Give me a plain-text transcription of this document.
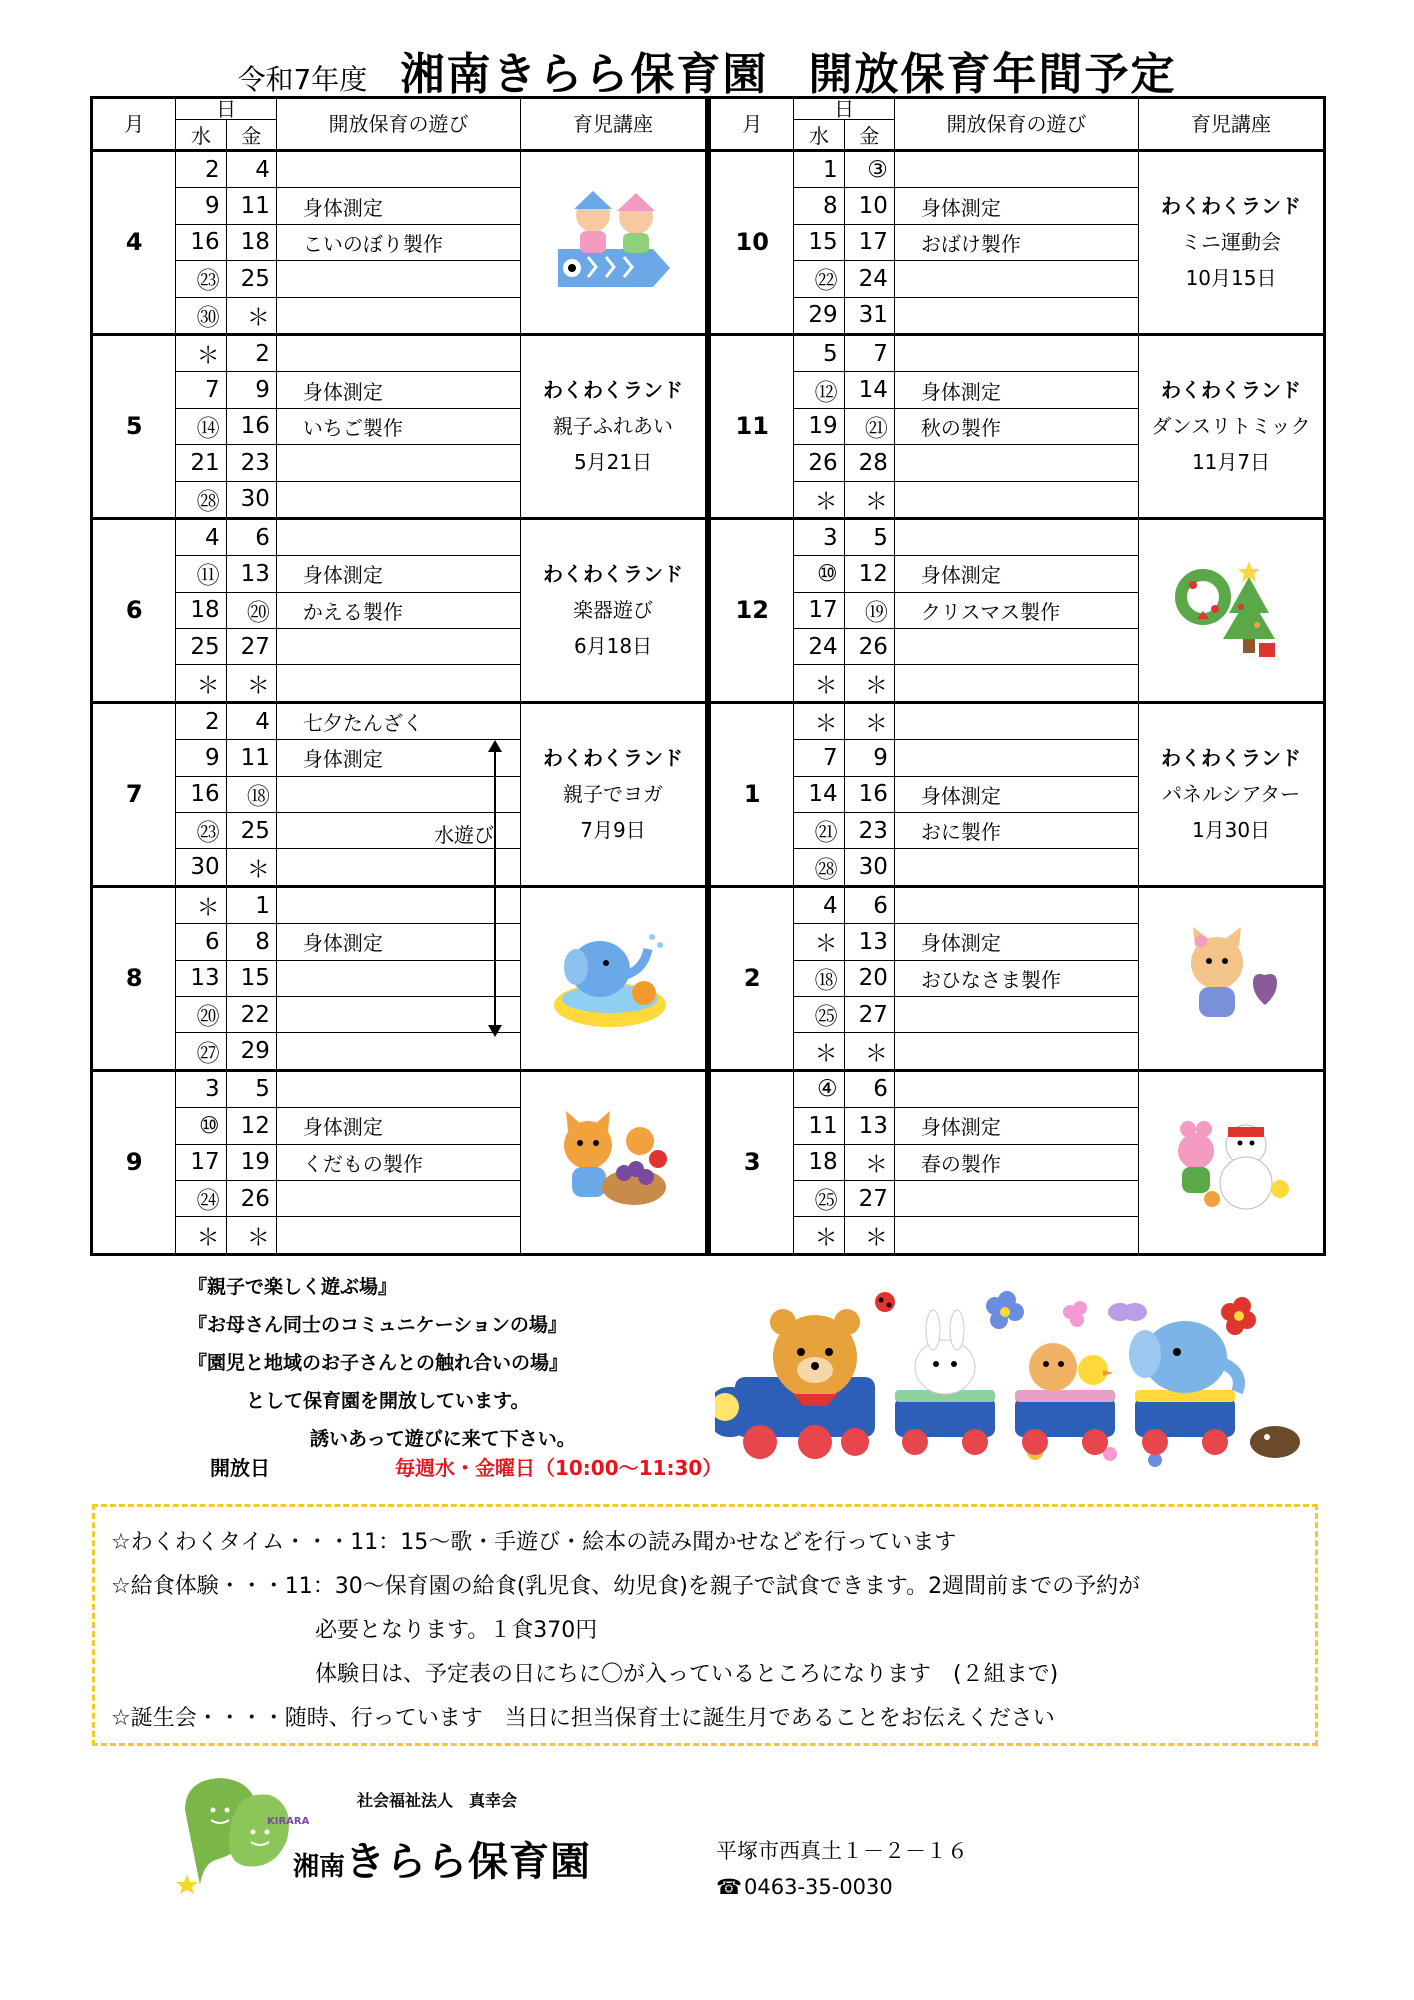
令和7年度 湘南きらら保育園 開放保育年間予定
月	日		開放保育の遊び	育児講座
	水	金		
4	2	4		

	9	11	身体測定	
	16	18	こいのぼり製作	
	㉓	25		
	㉚	＊		
5	＊	2		わくわくランド
親子ふれあい
5月21日

	7	9	身体測定	
	⑭	16	いちご製作	
	21	23		
	㉘	30		
6	4	6		わくわくランド
楽器遊び
6月18日

	⑪	13	身体測定	
	18	⑳	かえる製作	
	25	27		
	＊	＊		
7	2	4	七夕たんざく	わくわくランド
親子でヨガ
7月9日

	9	11	身体測定	
	16	⑱		
	㉓	25	水遊び	

	30	＊		
8	＊	1		

	6	8	身体測定	
	13	15		
	⑳	22		
	㉗	29		
9	3	5		

	⑩	12	身体測定	
	17	19	くだもの製作	
	㉔	26		
	＊	＊		
月	日		開放保育の遊び	育児講座
	水	金		
10	1	③		わくわくランド
ミニ運動会
10月15日

	8	10	身体測定	
	15	17	おばけ製作	
	㉒	24		
	29	31		
11	5	7		わくわくランド
ダンスリトミック
11月7日

	⑫	14	身体測定	
	19	㉑	秋の製作	
	26	28		
	＊	＊		
12	3	5		

	⑩	12	身体測定	
	17	⑲	クリスマス製作	
	24	26		
	＊	＊		
1	＊	＊		わくわくランド
パネルシアター
1月30日

	7	9		
	14	16	身体測定	
	㉑	23	おに製作	
	㉘	30		
2	4	6		

	＊	13	身体測定	
	⑱	20	おひなさま製作	
	㉕	27		
	＊	＊		
3	④	6		

	11	13	身体測定	
	18	＊	春の製作	
	㉕	27		
	＊	＊		
『親子で楽しく遊ぶ場』
『お母さん同士のコミュニケーションの場』
『園児と地域のお子さんとの触れ合いの場』
として保育園を開放しています。
誘いあって遊びに来て下さい。
開放日	毎週水・金曜日（10:00～11:30）
☆わくわくタイム・・・11：15～歌・手遊び・絵本の読み聞かせなどを行っています
☆給食体験・・・11：30～保育園の給食(乳児食、幼児食)を親子で試食できます。2週間前までの予約が
必要となります。１食370円
体験日は、予定表の日にちに〇が入っているところになります　(２組まで)
☆誕生会・・・・随時、行っています　当日に担当保育士に誕生月であることをお伝えください
社会福祉法人　真幸会
KIRARA
湘南きらら保育園	平塚市西真土１－２－１６
☎0463-35-0030
